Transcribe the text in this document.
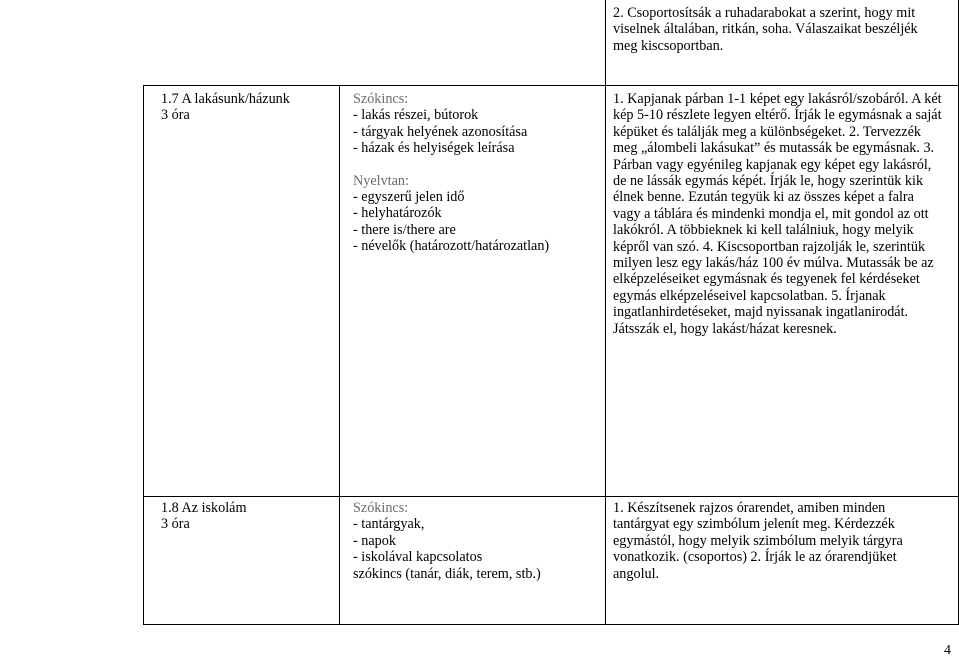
2. Csoportosítsák a ruhadarabokat a szerint, hogy mit viselnek általában, ritkán, soha. Válaszaikat beszéljék meg kiscsoportban.

1.7 A lakásunk/házunk

3 óra

Szókincs:

- lakás részei, bútorok

- tárgyak helyének azonosítása

- házak és helyiségek leírása

Nyelvtan:

- egyszerű jelen idő

- helyhatározók

- there is/there are

- névelők (határozott/határozatlan)

1. Kapjanak párban 1-1 képet egy lakásról/szobáról. A két kép 5-10 részlete legyen eltérő. Írják le egymásnak a saját képüket és találják meg a különbségeket. 2. Tervezzék meg „álombeli lakásukat” és mutassák be egymásnak. 3. Párban vagy egyénileg kapjanak egy képet egy lakásról, de ne lássák egymás képét. Írják le, hogy szerintük kik élnek benne. Ezután tegyük ki az összes képet a falra vagy a táblára és mindenki mondja el, mit gondol az ott lakókról. A többieknek ki kell találniuk, hogy melyik képről van szó. 4. Kiscsoportban rajzolják le, szerintük milyen lesz egy lakás/ház 100 év múlva. Mutassák be az elképzeléseiket egymásnak és tegyenek fel kérdéseket egymás elképzeléseivel kapcsolatban. 5. Írjanak ingatlanhirdetéseket, majd nyissanak ingatlanirodát. Játsszák el, hogy lakást/házat keresnek.

1.8 Az iskolám

3 óra

Szókincs:

- tantárgyak,

- napok

- iskolával kapcsolatos

szókincs (tanár, diák, terem, stb.)

1. Készítsenek rajzos órarendet, amiben minden tantárgyat egy szimbólum jelenít meg. Kérdezzék egymástól, hogy melyik szimbólum melyik tárgyra vonatkozik. (csoportos) 2. Írják le az órarendjüket angolul.

4
